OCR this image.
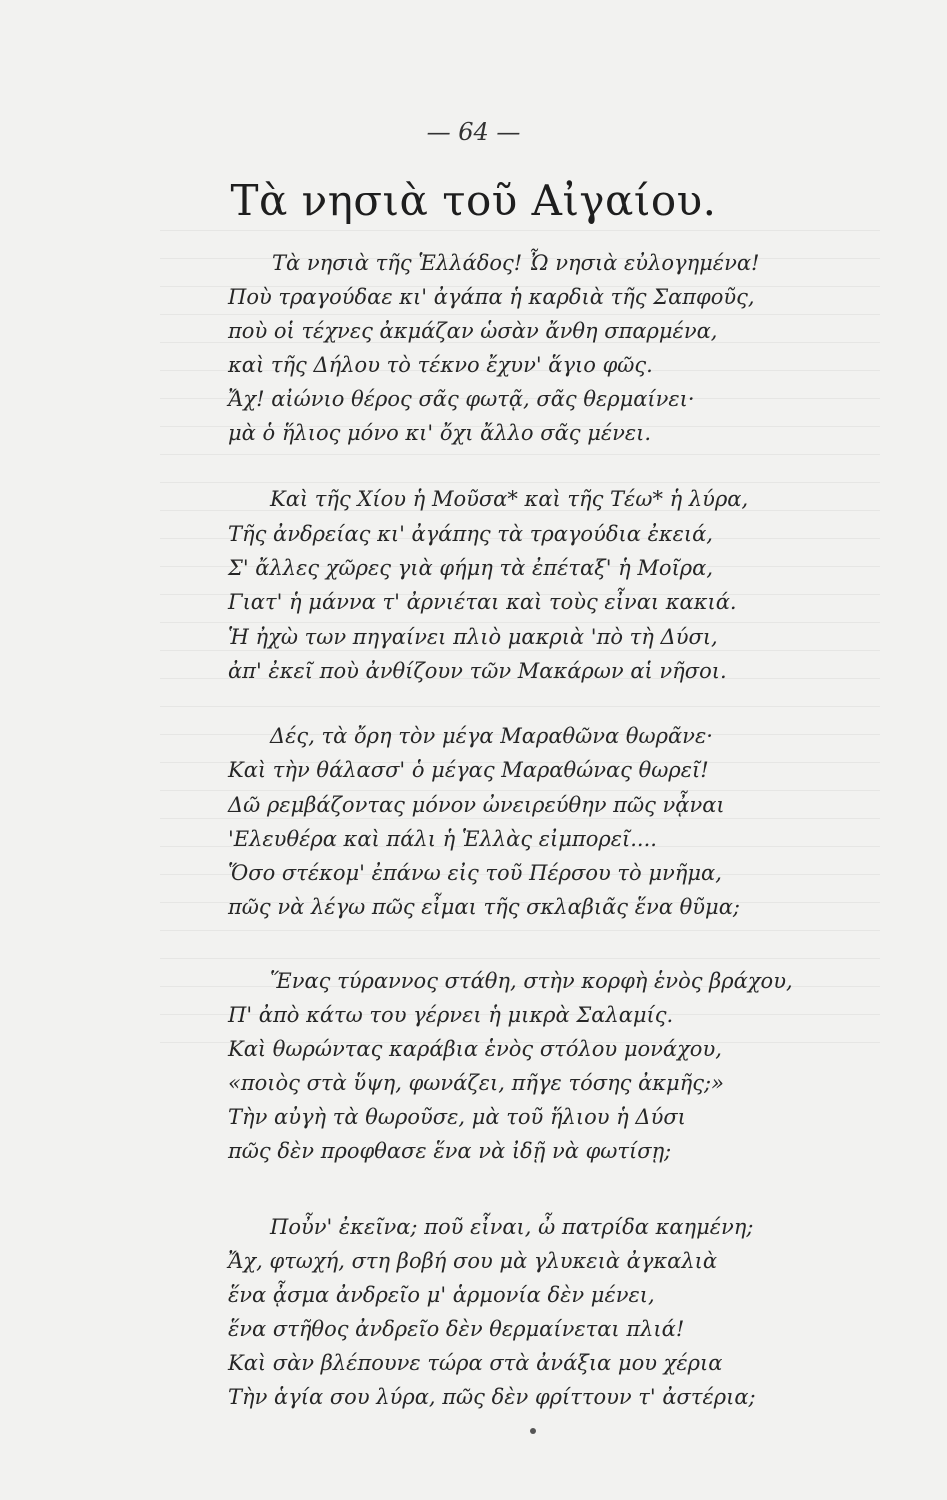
— 64 —
Τὰ νησιὰ τοῦ Αἰγαίου.
Τὰ νησιὰ τῆς Ἑλλάδος! Ὦ νησιὰ εὐλογημένα!
Ποὺ τραγούδαε κι' ἀγάπα ἡ καρδιὰ τῆς Σαπφοῦς,
ποὺ οἱ τέχνες ἀκμάζαν ὡσὰν ἄνθη σπαρμένα,
καὶ τῆς Δήλου τὸ τέκνο ἔχυν' ἅγιο φῶς.
Ἄχ! αἰώνιο θέρος σᾶς φωτᾷ, σᾶς θερμαίνει·
μὰ ὁ ἥλιος μόνο κι' ὄχι ἄλλο σᾶς μένει.
Καὶ τῆς Χίου ἡ Μοῦσα* καὶ τῆς Τέω* ἡ λύρα,
Τῆς ἀνδρείας κι' ἀγάπης τὰ τραγούδια ἐκειά,
Σ' ἄλλες χῶρες γιὰ φήμη τὰ ἐπέταξ' ἡ Μοῖρα,
Γιατ' ἡ μάννα τ' ἀρνιέται καὶ τοὺς εἶναι κακιά.
Ἡ ἠχὼ των πηγαίνει πλιὸ μακριὰ 'πὸ τὴ Δύσι,
ἀπ' ἐκεῖ ποὺ ἀνθίζουν τῶν Μακάρων αἱ νῆσοι.
Δές, τὰ ὄρη τὸν μέγα Μαραθῶνα θωρᾶνε·
Καὶ τὴν θάλασσ' ὁ μέγας Μαραθώνας θωρεῖ!
Δῶ ρεμβάζοντας μόνον ὠνειρεύθην πῶς νᾆναι
'Ελευθέρα καὶ πάλι ἡ Ἑλλὰς εἰμπορεῖ....
Ὅσο στέκομ' ἐπάνω εἰς τοῦ Πέρσου τὸ μνῆμα,
πῶς νὰ λέγω πῶς εἶμαι τῆς σκλαβιᾶς ἕνα θῦμα;
Ἕνας τύραννος στάθη, στὴν κορφὴ ἑνὸς βράχου,
Π' ἀπὸ κάτω του γέρνει ἡ μικρὰ Σαλαμίς.
Καὶ θωρώντας καράβια ἑνὸς στόλου μονάχου,
«ποιὸς στὰ ὕψη, φωνάζει, πῆγε τόσης ἀκμῆς;»
Τὴν αὐγὴ τὰ θωροῦσε, μὰ τοῦ ἥλιου ἡ Δύσι
πῶς δὲν προφθασε ἕνα νὰ ἰδῇ νὰ φωτίσῃ;
Ποὖν' ἐκεῖνα; ποῦ εἶναι, ὦ πατρίδα καημένη;
Ἄχ, φτωχή, στη βοβή σου μὰ γλυκειὰ ἀγκαλιὰ
ἕνα ᾆσμα ἀνδρεῖο μ' ἁρμονία δὲν μένει,
ἕνα στῆθος ἀνδρεῖο δὲν θερμαίνεται πλιά!
Καὶ σὰν βλέπουνε τώρα στὰ ἀνάξια μου χέρια
Τὴν ἁγία σου λύρα, πῶς δὲν φρίττουν τ' ἀστέρια;
